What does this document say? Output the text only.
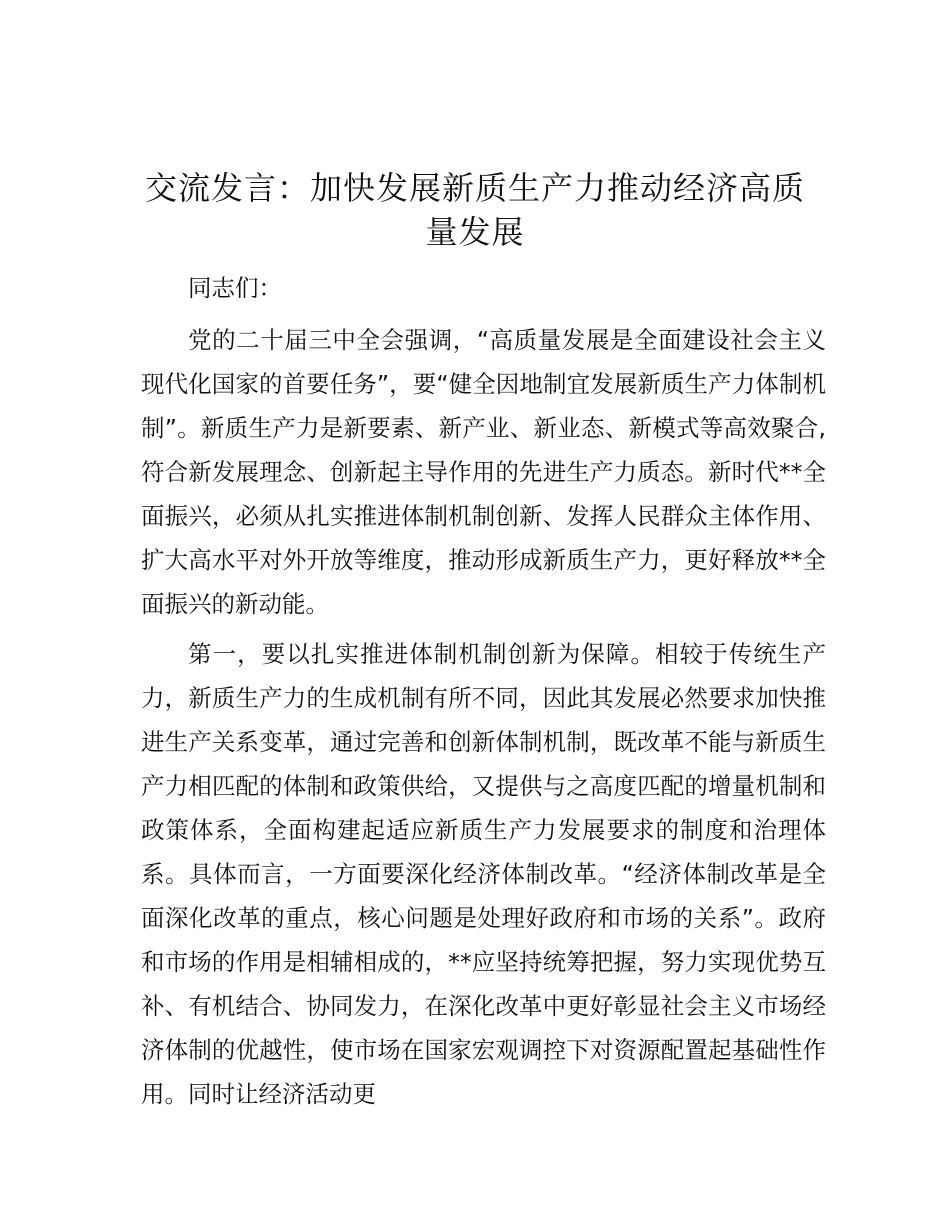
交流发言：加快发展新质生产力推动经济高质量发展

同志们：

党的二十届三中全会强调，“高质量发展是全面建设社会主义现代化国家的首要任务”，要“健全因地制宜发展新质生产力体制机制”。新质生产力是新要素、新产业、新业态、新模式等高效聚合,符合新发展理念、创新起主导作用的先进生产力质态。新时代**全面振兴，必须从扎实推进体制机制创新、发挥人民群众主体作用、扩大高水平对外开放等维度，推动形成新质生产力，更好释放**全面振兴的新动能。

第一，要以扎实推进体制机制创新为保障。相较于传统生产力，新质生产力的生成机制有所不同，因此其发展必然要求加快推进生产关系变革，通过完善和创新体制机制，既改革不能与新质生产力相匹配的体制和政策供给，又提供与之高度匹配的增量机制和政策体系，全面构建起适应新质生产力发展要求的制度和治理体系。具体而言，一方面要深化经济体制改革。“经济体制改革是全面深化改革的重点，核心问题是处理好政府和市场的关系”。政府和市场的作用是相辅相成的，**应坚持统筹把握，努力实现优势互补、有机结合、协同发力，在深化改革中更好彰显社会主义市场经济体制的优越性，使市场在国家宏观调控下对资源配置起基础性作用。同时让经济活动更
